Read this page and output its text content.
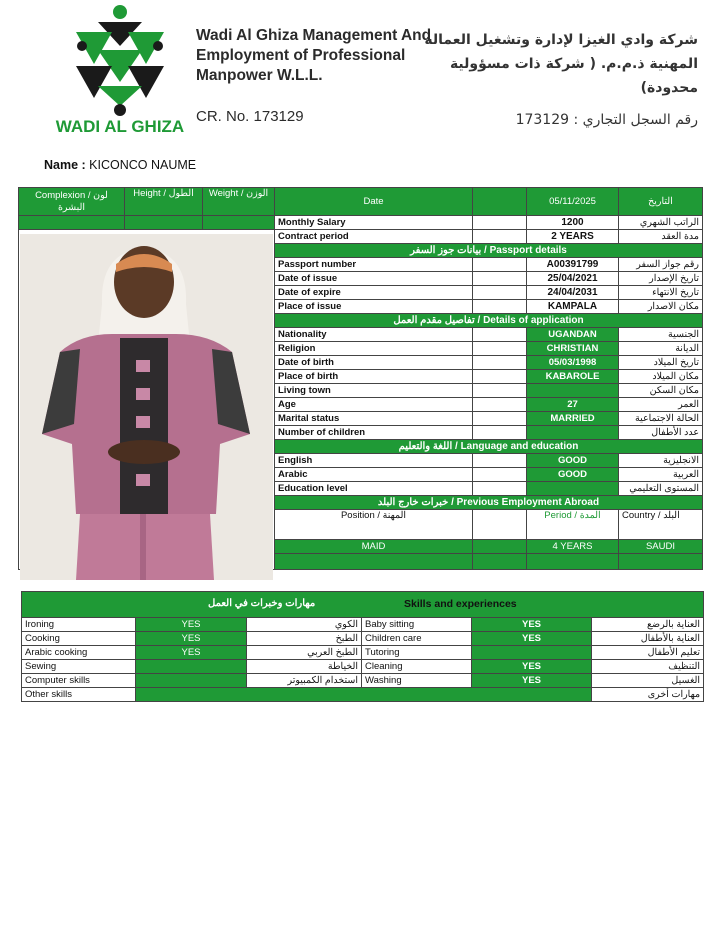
WADI AL GHIZA
Wadi Al Ghiza Management And
Employment of Professional
Manpower W.L.L.
CR. No. 173129
شركة وادي الغيزا لإدارة وتشغيل العمالة
المهنية ذ.م.م. ( شركة ذات مسؤولية
محدودة)
رقم السجل التجاري : 173129
Name : KICONCO NAUME
Complexion / لون البشرة	Height / الطول	Weight / الوزن	Date		05/11/2025	التاريخ
			Monthly Salary		1200	الراتب الشهري
			Contract period		2 YEARS	مدة العقد
			بيانات جوز السفر / Passport details			
			Passport number		A00391799	رقم جواز السفر
			Date of issue		25/04/2021	تاريخ الإصدار
			Date of expire		24/04/2031	تاريخ الانتهاء
			Place of issue		KAMPALA	مكان الاصدار
			تفاصيل مقدم العمل / Details of application			
			Nationality		UGANDAN	الجنسية
			Religion		CHRISTIAN	الديانة
			Date of birth		05/03/1998	تاريخ الميلاد
			Place of birth		KABAROLE	مكان الميلاد
			Living town			مكان السكن
			Age		27	العمر
			Marital status		MARRIED	الحالة الاجتماعية
			Number of children			عدد الأطفال
			اللغة والتعليم / Language and education			
			English		GOOD	الانجليزية
			Arabic		GOOD	العربية
			Education level			المستوى التعليمي
			خبرات خارج البلد / Previous Employment Abroad			
			Position / المهنة		Period / المدة	Country / البلد
			MAID		4 YEARS	SAUDI

مهارات وخبرات في العمل Skills and experiences					

Ironing	YES	الكوي	Baby sitting	YES	العناية بالرضع
Cooking	YES	الطبخ	Children care	YES	العناية بالأطفال
Arabic cooking	YES	الطبخ العربي	Tutoring		تعليم الأطفال
Sewing		الخياطة	Cleaning	YES	التنظيف
Computer skills		استخدام الكمبيوتر	Washing	YES	الغسيل
Other skills					مهارات أخرى
